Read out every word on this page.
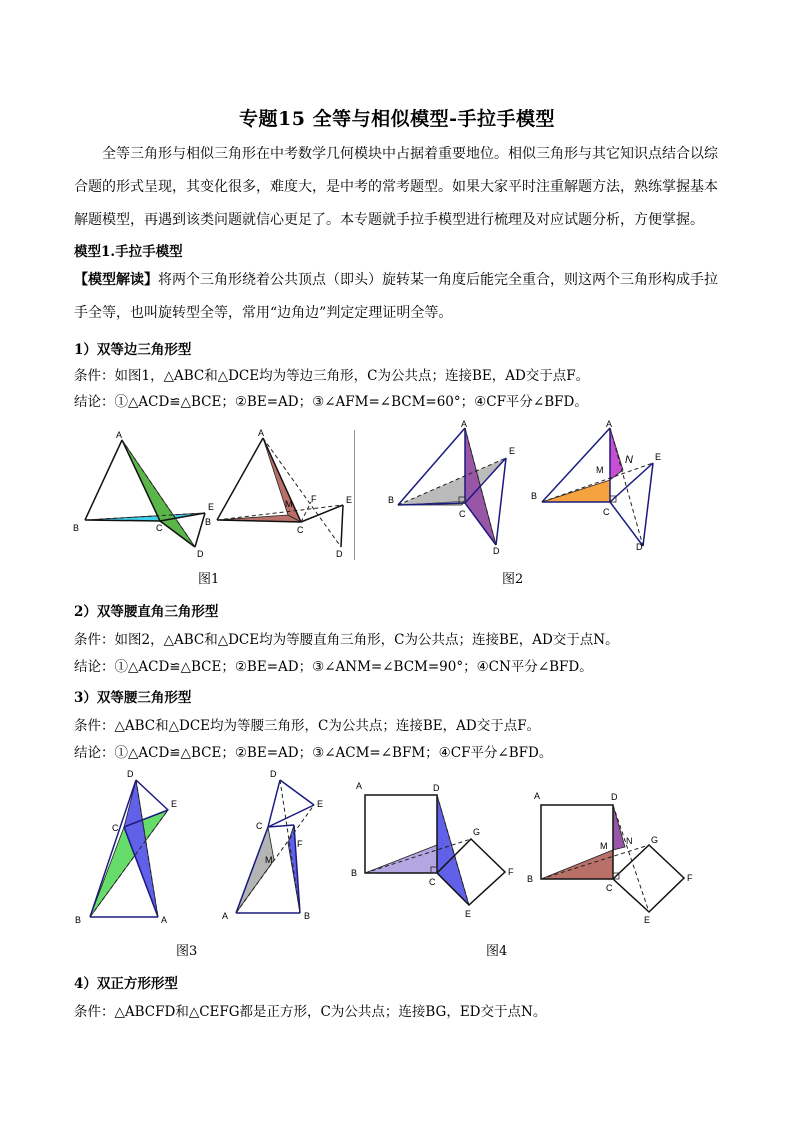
专题15 全等与相似模型-手拉手模型
全等三角形与相似三角形在中考数学几何模块中占据着重要地位。相似三角形与其它知识点结合以综合题的形式呈现，其变化很多，难度大，是中考的常考题型。如果大家平时注重解题方法，熟练掌握基本解题模型，再遇到该类问题就信心更足了。本专题就手拉手模型进行梳理及对应试题分析，方便掌握。
模型1.手拉手模型
【模型解读】将两个三角形绕着公共顶点（即头）旋转某一角度后能完全重合，则这两个三角形构成手拉手全等，也叫旋转型全等，常用“边角边”判定定理证明全等。
1）双等边三角形型
条件：如图1，△ABC和△DCE均为等边三角形，C为公共点；连接BE，AD交于点F。
结论：①△ACD≌△BCE；②BE=AD；③∠AFM=∠BCM=60°；④CF平分∠BFD。
A
B	C
E
D
A
B
C
M F	E
D
A
B
C
E
D
A
B
C
M
N E
D
图1	图2
2）双等腰直角三角形型
条件：如图2，△ABC和△DCE均为等腰直角三角形，C为公共点；连接BE，AD交于点N。
结论：①△ACD≌△BCE；②BE=AD；③∠ANM=∠BCM=90°；④CN平分∠BFD。
3）双等腰三角形型
条件：△ABC和△DCE均为等腰三角形，C为公共点；连接BE，AD交于点F。
结论：①△ACD≌△BCE；②BE=AD；③∠ACM=∠BFM；④CF平分∠BFD。
D
E
C
B	A
D
E
C
M
F
A	B
A	D
B
C
G
F
E
A	D
B
C
M N G
F
E
图3	图4
4）双正方形形型
条件：△ABCFD和△CEFG都是正方形，C为公共点；连接BG，ED交于点N。
